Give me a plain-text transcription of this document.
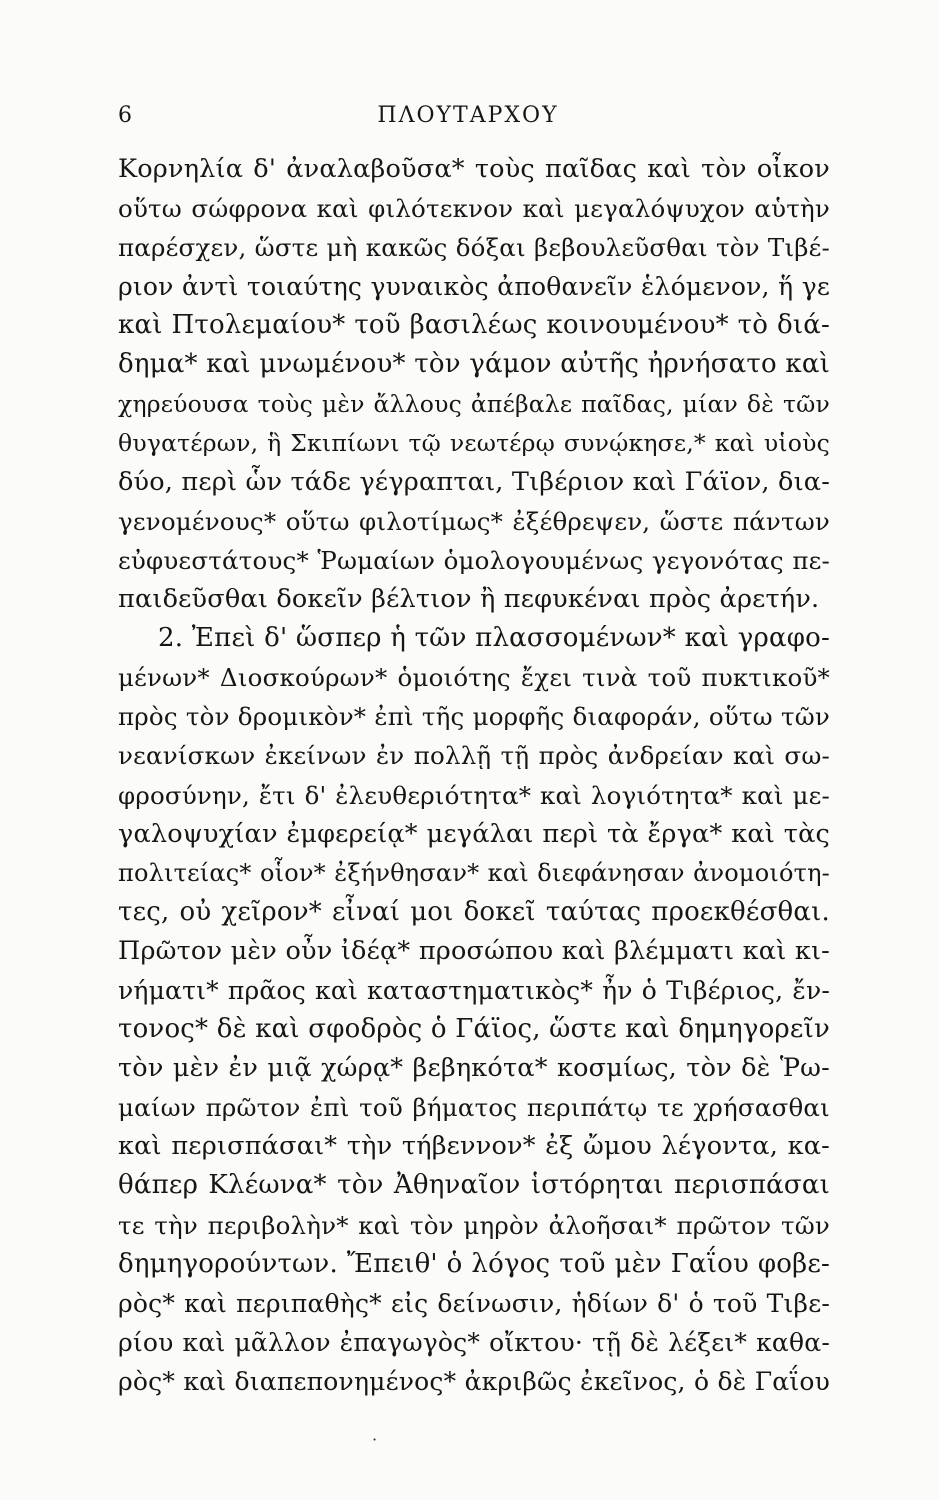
6	ΠΛΟΥΤΑΡΧΟΥ
Κορνηλία δ' ἀναλαβοῦσα* τοὺς παῖδας καὶ τὸν οἶκον
οὕτω σώφρονα καὶ φιλότεκνον καὶ μεγαλόψυχον αὑτὴν
παρέσχεν, ὥστε μὴ κακῶς δόξαι βεβουλεῦσθαι τὸν Τιβέ-
ριον ἀντὶ τοιαύτης γυναικὸς ἀποθανεῖν ἑλόμενον, ἥ γε
καὶ Πτολεμαίου* τοῦ βασιλέως κοινουμένου* τὸ διά-
δημα* καὶ μνωμένου* τὸν γάμον αὐτῆς ἠρνήσατο καὶ
χηρεύουσα τοὺς μὲν ἄλλους ἀπέβαλε παῖδας, μίαν δὲ τῶν
θυγατέρων, ἣ Σκιπίωνι τῷ νεωτέρῳ συνῴκησε,* καὶ υἱοὺς
δύο, περὶ ὧν τάδε γέγραπται, Τιβέριον καὶ Γάϊον, δια-
γενομένους* οὕτω φιλοτίμως* ἐξέθρεψεν, ὥστε πάντων
εὐφυεστάτους* Ῥωμαίων ὁμολογουμένως γεγονότας πε-
παιδεῦσθαι δοκεῖν βέλτιον ἢ πεφυκέναι πρὸς ἀρετήν.
2. Ἐπεὶ δ' ὥσπερ ἡ τῶν πλασσομένων* καὶ γραφο-
μένων* Διοσκούρων* ὁμοιότης ἔχει τινὰ τοῦ πυκτικοῦ*
πρὸς τὸν δρομικὸν* ἐπὶ τῆς μορφῆς διαφοράν, οὕτω τῶν
νεανίσκων ἐκείνων ἐν πολλῇ τῇ πρὸς ἀνδρείαν καὶ σω-
φροσύνην, ἔτι δ' ἐλευθεριότητα* καὶ λογιότητα* καὶ με-
γαλοψυχίαν ἐμφερείᾳ* μεγάλαι περὶ τὰ ἔργα* καὶ τὰς
πολιτείας* οἷον* ἐξήνθησαν* καὶ διεφάνησαν ἀνομοιότη-
τες, οὐ χεῖρον* εἶναί μοι δοκεῖ ταύτας προεκθέσθαι.
Πρῶτον μὲν οὖν ἰδέᾳ* προσώπου καὶ βλέμματι καὶ κι-
νήματι* πρᾶος καὶ καταστηματικὸς* ἦν ὁ Τιβέριος, ἔν-
τονος* δὲ καὶ σφοδρὸς ὁ Γάϊος, ὥστε καὶ δημηγορεῖν
τὸν μὲν ἐν μιᾷ χώρᾳ* βεβηκότα* κοσμίως, τὸν δὲ Ῥω-
μαίων πρῶτον ἐπὶ τοῦ βήματος περιπάτῳ τε χρήσασθαι
καὶ περισπάσαι* τὴν τήβεννον* ἐξ ὤμου λέγοντα, κα-
θάπερ Κλέωνα* τὸν Ἀθηναῖον ἱστόρηται περισπάσαι
τε τὴν περιβολὴν* καὶ τὸν μηρὸν ἀλοῆσαι* πρῶτον τῶν
δημηγορούντων. Ἔπειθ' ὁ λόγος τοῦ μὲν Γαΐου φοβε-
ρὸς* καὶ περιπαθὴς* εἰς δείνωσιν, ἡδίων δ' ὁ τοῦ Τιβε-
ρίου καὶ μᾶλλον ἐπαγωγὸς* οἴκτου· τῇ δὲ λέξει* καθα-
ρὸς* καὶ διαπεπονημένος* ἀκριβῶς ἐκεῖνος, ὁ δὲ Γαΐου
·
